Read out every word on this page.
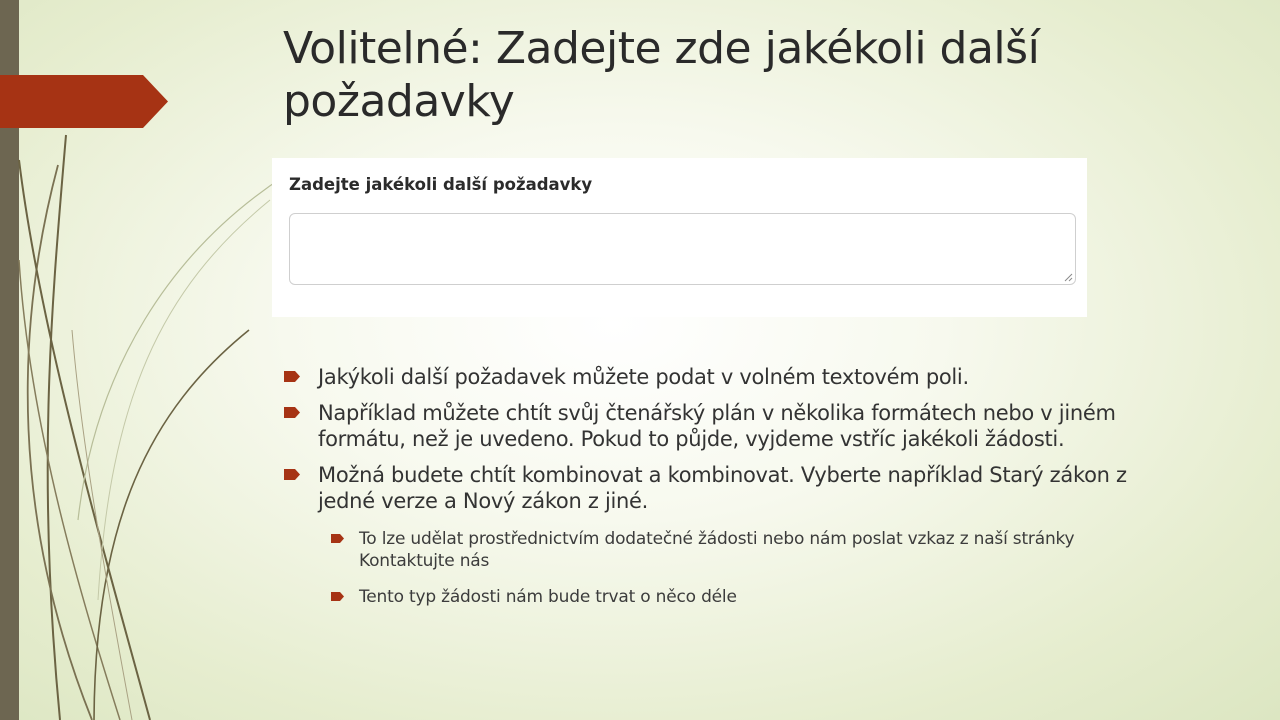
Volitelné: Zadejte zde jakékoli další požadavky
Zadejte jakékoli další požadavky
Jakýkoli další požadavek můžete podat v volném textovém poli.
Například můžete chtít svůj čtenářský plán v několika formátech nebo v jiném formátu, než je uvedeno. Pokud to půjde, vyjdeme vstříc jakékoli žádosti.
Možná budete chtít kombinovat a kombinovat. Vyberte například Starý zákon z jedné verze a Nový zákon z jiné.
To lze udělat prostřednictvím dodatečné žádosti nebo nám poslat vzkaz z naší stránky Kontaktujte nás
Tento typ žádosti nám bude trvat o něco déle
